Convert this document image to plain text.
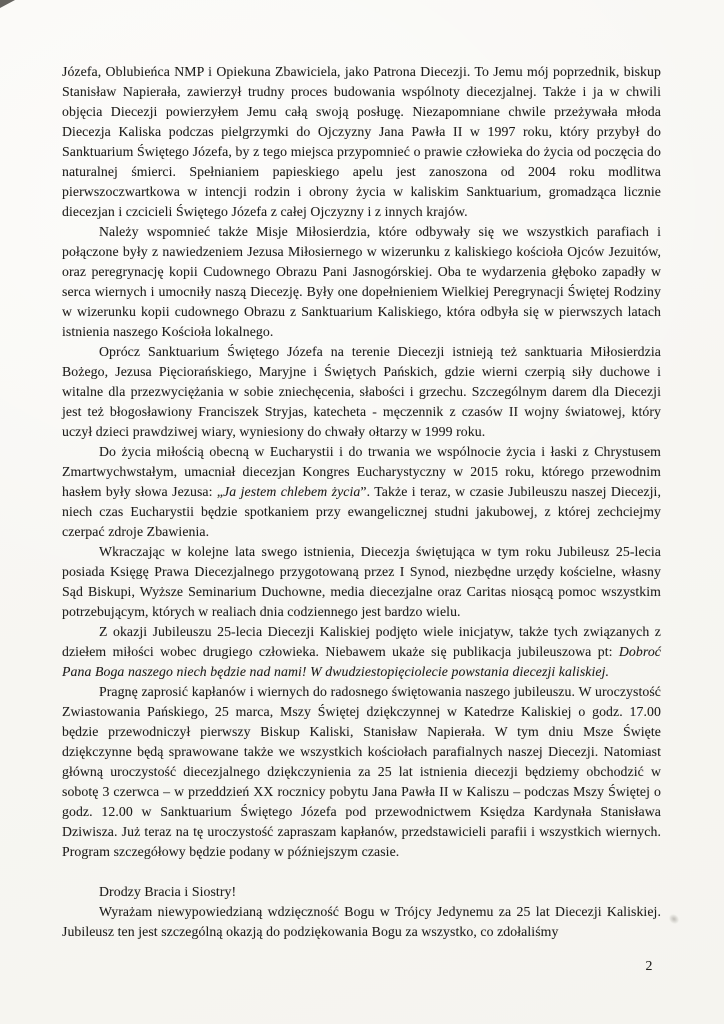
Józefa, Oblubieńca NMP i Opiekuna Zbawiciela, jako Patrona Diecezji. To Jemu mój poprzednik, biskup Stanisław Napierała, zawierzył trudny proces budowania wspólnoty diecezjalnej. Także i ja w chwili objęcia Diecezji powierzyłem Jemu całą swoją posługę. Niezapomniane chwile przeżywała młoda Diecezja Kaliska podczas pielgrzymki do Ojczyzny Jana Pawła II w 1997 roku, który przybył do Sanktuarium Świętego Józefa, by z tego miejsca przypomnieć o prawie człowieka do życia od poczęcia do naturalnej śmierci. Spełnianiem papieskiego apelu jest zanoszona od 2004 roku modlitwa pierwszoczwartkowa w intencji rodzin i obrony życia w kaliskim Sanktuarium, gromadząca licznie diecezjan i czcicieli Świętego Józefa z całej Ojczyzny i z innych krajów.

Należy wspomnieć także Misje Miłosierdzia, które odbywały się we wszystkich parafiach i połączone były z nawiedzeniem Jezusa Miłosiernego w wizerunku z kaliskiego kościoła Ojców Jezuitów, oraz peregrynację kopii Cudownego Obrazu Pani Jasnogórskiej. Oba te wydarzenia głęboko zapadły w serca wiernych i umocniły naszą Diecezję. Były one dopełnieniem Wielkiej Peregrynacji Świętej Rodziny w wizerunku kopii cudownego Obrazu z Sanktuarium Kaliskiego, która odbyła się w pierwszych latach istnienia naszego Kościoła lokalnego.

Oprócz Sanktuarium Świętego Józefa na terenie Diecezji istnieją też sanktuaria Miłosierdzia Bożego, Jezusa Pięciorańskiego, Maryjne i Świętych Pańskich, gdzie wierni czerpią siły duchowe i witalne dla przezwyciężania w sobie zniechęcenia, słabości i grzechu. Szczególnym darem dla Diecezji jest też błogosławiony Franciszek Stryjas, katecheta - męczennik z czasów II wojny światowej, który uczył dzieci prawdziwej wiary, wyniesiony do chwały ołtarzy w 1999 roku.

Do życia miłością obecną w Eucharystii i do trwania we wspólnocie życia i łaski z Chrystusem Zmartwychwstałym, umacniał diecezjan Kongres Eucharystyczny w 2015 roku, którego przewodnim hasłem były słowa Jezusa: „Ja jestem chlebem życia”. Także i teraz, w czasie Jubileuszu naszej Diecezji, niech czas Eucharystii będzie spotkaniem przy ewangelicznej studni jakubowej, z której zechciejmy czerpać zdroje Zbawienia.

Wkraczając w kolejne lata swego istnienia, Diecezja świętująca w tym roku Jubileusz 25-lecia posiada Księgę Prawa Diecezjalnego przygotowaną przez I Synod, niezbędne urzędy kościelne, własny Sąd Biskupi, Wyższe Seminarium Duchowne, media diecezjalne oraz Caritas niosącą pomoc wszystkim potrzebującym, których w realiach dnia codziennego jest bardzo wielu.

Z okazji Jubileuszu 25-lecia Diecezji Kaliskiej podjęto wiele inicjatyw, także tych związanych z dziełem miłości wobec drugiego człowieka. Niebawem ukaże się publikacja jubileuszowa pt: Dobroć Pana Boga naszego niech będzie nad nami! W dwudziestopięciolecie powstania diecezji kaliskiej.

Pragnę zaprosić kapłanów i wiernych do radosnego świętowania naszego jubileuszu. W uroczystość Zwiastowania Pańskiego, 25 marca, Mszy Świętej dziękczynnej w Katedrze Kaliskiej o godz. 17.00 będzie przewodniczył pierwszy Biskup Kaliski, Stanisław Napierała. W tym dniu Msze Święte dziękczynne będą sprawowane także we wszystkich kościołach parafialnych naszej Diecezji. Natomiast główną uroczystość diecezjalnego dziękczynienia za 25 lat istnienia diecezji będziemy obchodzić w sobotę 3 czerwca – w przeddzień XX rocznicy pobytu Jana Pawła II w Kaliszu – podczas Mszy Świętej o godz. 12.00 w Sanktuarium Świętego Józefa pod przewodnictwem Księdza Kardynała Stanisława Dziwisza. Już teraz na tę uroczystość zapraszam kapłanów, przedstawicieli parafii i wszystkich wiernych. Program szczegółowy będzie podany w późniejszym czasie.

Drodzy Bracia i Siostry!

Wyrażam niewypowiedzianą wdzięczność Bogu w Trójcy Jedynemu za 25 lat Diecezji Kaliskiej. Jubileusz ten jest szczególną okazją do podziękowania Bogu za wszystko, co zdołaliśmy

2
